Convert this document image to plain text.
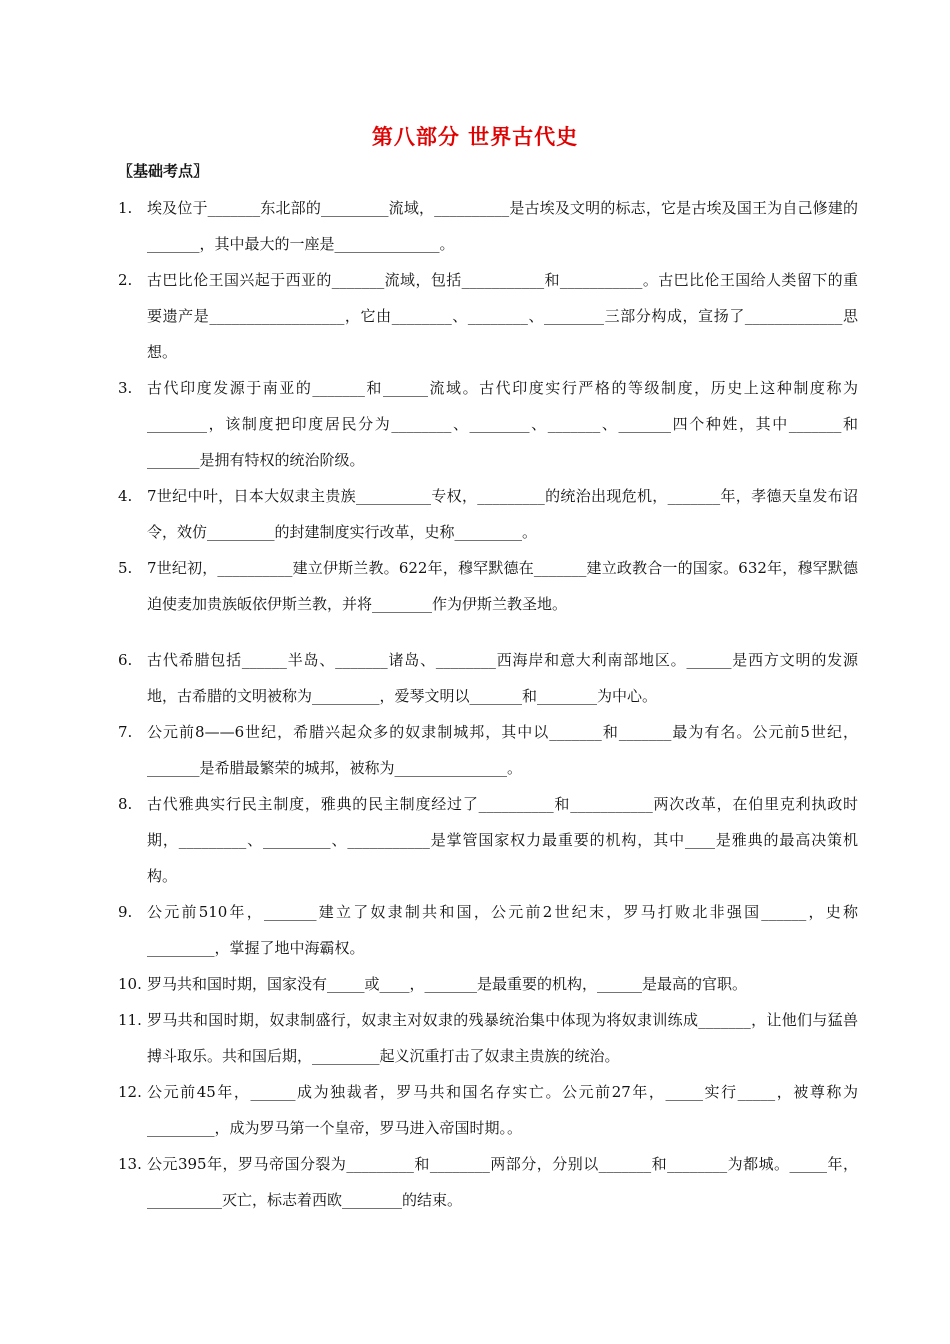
第八部分 世界古代史
〖基础考点〗
1. 埃及位于_______东北部的_________流域，__________是古埃及文明的标志，它是古埃及国王为自己修建的_______，其中最大的一座是______________。
2. 古巴比伦王国兴起于西亚的_______流域，包括___________和___________。古巴比伦王国给人类留下的重要遗产是__________________，它由________、________、________三部分构成，宣扬了_____________思想。
3. 古代印度发源于南亚的_______和______流域。古代印度实行严格的等级制度，历史上这种制度称为________，该制度把印度居民分为________、________、_______、_______四个种姓，其中_______和_______是拥有特权的统治阶级。
4. 7世纪中叶，日本大奴隶主贵族__________专权，_________的统治出现危机，_______年，孝德天皇发布诏令，效仿_________的封建制度实行改革，史称_________。
5. 7世纪初，__________建立伊斯兰教。622年，穆罕默德在_______建立政教合一的国家。632年，穆罕默德迫使麦加贵族皈依伊斯兰教，并将________作为伊斯兰教圣地。
6. 古代希腊包括______半岛、_______诸岛、________西海岸和意大利南部地区。______是西方文明的发源地，古希腊的文明被称为_________，爱琴文明以_______和________为中心。
7. 公元前8——6世纪，希腊兴起众多的奴隶制城邦，其中以_______和_______最为有名。公元前5世纪，_______是希腊最繁荣的城邦，被称为_______________。
8. 古代雅典实行民主制度，雅典的民主制度经过了__________和___________两次改革，在伯里克利执政时期，_________、_________、___________是掌管国家权力最重要的机构，其中____是雅典的最高决策机构。
9. 公元前510年，_______建立了奴隶制共和国，公元前2世纪末，罗马打败北非强国______，史称_________，掌握了地中海霸权。
10. 罗马共和国时期，国家没有_____或____，_______是最重要的机构，______是最高的官职。
11. 罗马共和国时期，奴隶制盛行，奴隶主对奴隶的残暴统治集中体现为将奴隶训练成_______，让他们与猛兽搏斗取乐。共和国后期，_________起义沉重打击了奴隶主贵族的统治。
12. 公元前45年，______成为独裁者，罗马共和国名存实亡。公元前27年，_____实行_____，被尊称为_________，成为罗马第一个皇帝，罗马进入帝国时期。。
13. 公元395年，罗马帝国分裂为_________和________两部分，分别以_______和________为都城。_____年，__________灭亡，标志着西欧________的结束。
